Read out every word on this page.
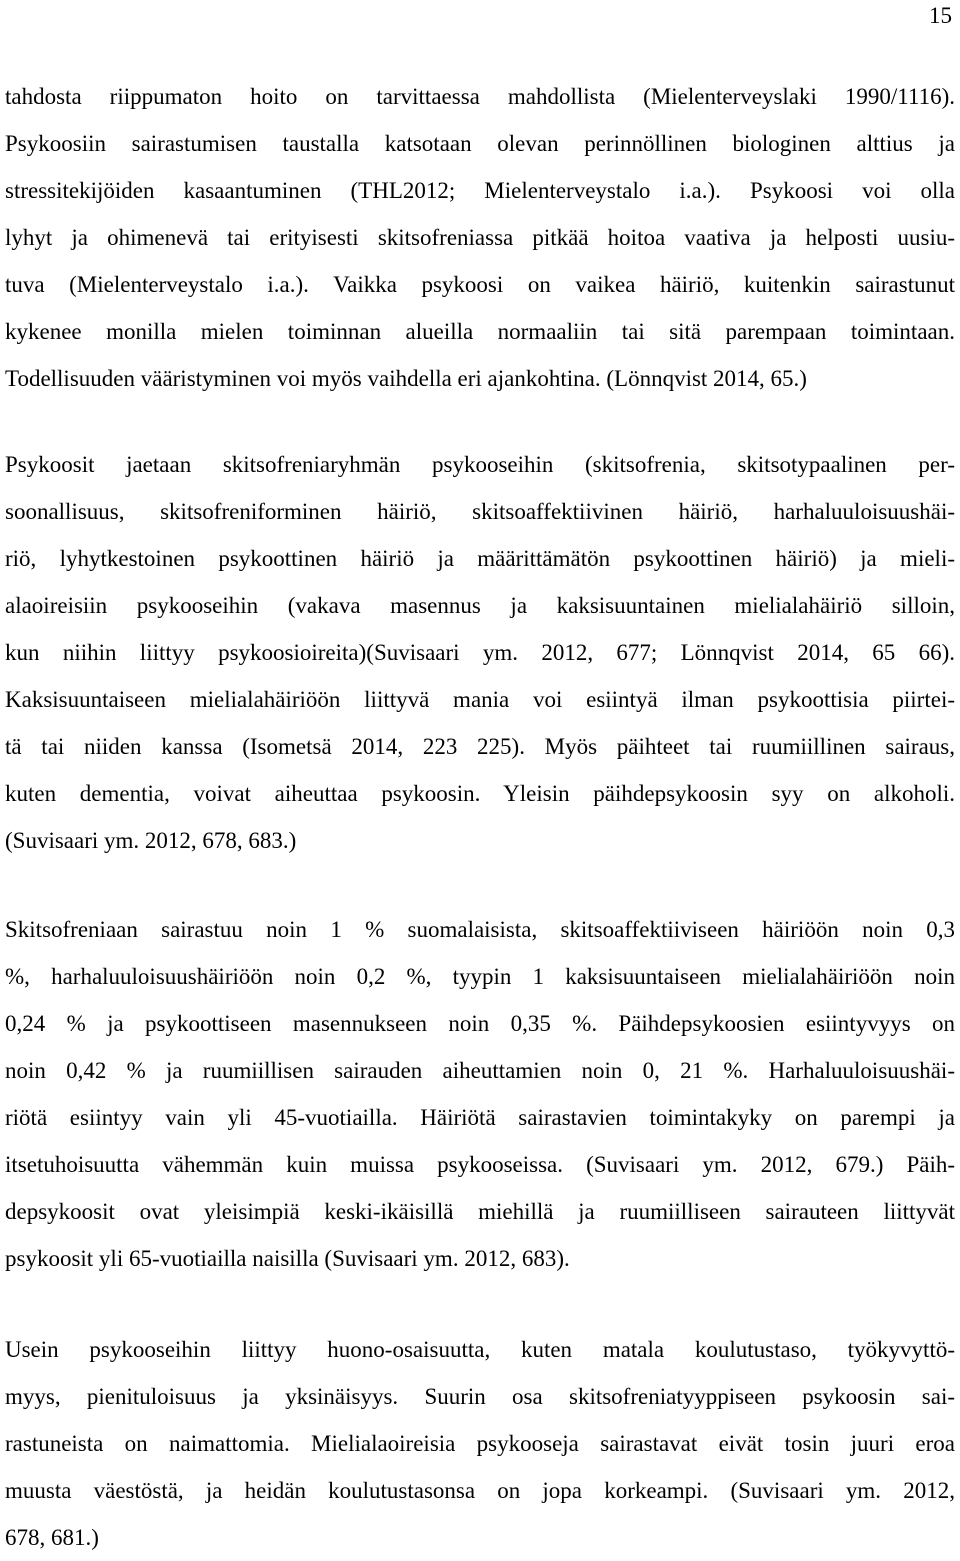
15
tahdosta riippumaton hoito on tarvittaessa mahdollista (Mielenterveyslaki 1990/1116).
Psykoosiin sairastumisen taustalla katsotaan olevan perinnöllinen biologinen alttius ja
stressitekijöiden kasaantuminen (THL2012; Mielenterveystalo i.a.). Psykoosi voi olla
lyhyt ja ohimenevä tai erityisesti skitsofreniassa pitkää hoitoa vaativa ja helposti uusiu-
tuva (Mielenterveystalo i.a.). Vaikka psykoosi on vaikea häiriö, kuitenkin sairastunut
kykenee monilla mielen toiminnan alueilla normaaliin tai sitä parempaan toimintaan.
Todellisuuden vääristyminen voi myös vaihdella eri ajankohtina. (Lönnqvist 2014, 65.)
Psykoosit jaetaan skitsofreniaryhmän psykooseihin (skitsofrenia, skitsotypaalinen per-
soonallisuus, skitsofreniforminen häiriö, skitsoaffektiivinen häiriö, harhaluuloisuushäi-
riö, lyhytkestoinen psykoottinen häiriö ja määrittämätön psykoottinen häiriö) ja mieli-
alaoireisiin psykooseihin (vakava masennus ja kaksisuuntainen mielialahäiriö silloin,
kun niihin liittyy psykoosioireita)(Suvisaari ym. 2012, 677; Lönnqvist 2014, 65 66).
Kaksisuuntaiseen mielialahäiriöön liittyvä mania voi esiintyä ilman psykoottisia piirtei-
tä tai niiden kanssa (Isometsä 2014, 223 225). Myös päihteet tai ruumiillinen sairaus,
kuten dementia, voivat aiheuttaa psykoosin. Yleisin päihdepsykoosin syy on alkoholi.
(Suvisaari ym. 2012, 678, 683.)
Skitsofreniaan sairastuu noin 1 % suomalaisista, skitsoaffektiiviseen häiriöön noin 0,3
%, harhaluuloisuushäiriöön noin 0,2 %, tyypin 1 kaksisuuntaiseen mielialahäiriöön noin
0,24 % ja psykoottiseen masennukseen noin 0,35 %. Päihdepsykoosien esiintyvyys on
noin 0,42 % ja ruumiillisen sairauden aiheuttamien noin 0, 21 %. Harhaluuloisuushäi-
riötä esiintyy vain yli 45-vuotiailla. Häiriötä sairastavien toimintakyky on parempi ja
itsetuhoisuutta vähemmän kuin muissa psykooseissa. (Suvisaari ym. 2012, 679.) Päih-
depsykoosit ovat yleisimpiä keski-ikäisillä miehillä ja ruumiilliseen sairauteen liittyvät
psykoosit yli 65-vuotiailla naisilla (Suvisaari ym. 2012, 683).
Usein psykooseihin liittyy huono-osaisuutta, kuten matala koulutustaso, työkyvyttö-
myys, pienituloisuus ja yksinäisyys. Suurin osa skitsofreniatyyppiseen psykoosin sai-
rastuneista on naimattomia. Mielialaoireisia psykooseja sairastavat eivät tosin juuri eroa
muusta väestöstä, ja heidän koulutustasonsa on jopa korkeampi. (Suvisaari ym. 2012,
678, 681.)
